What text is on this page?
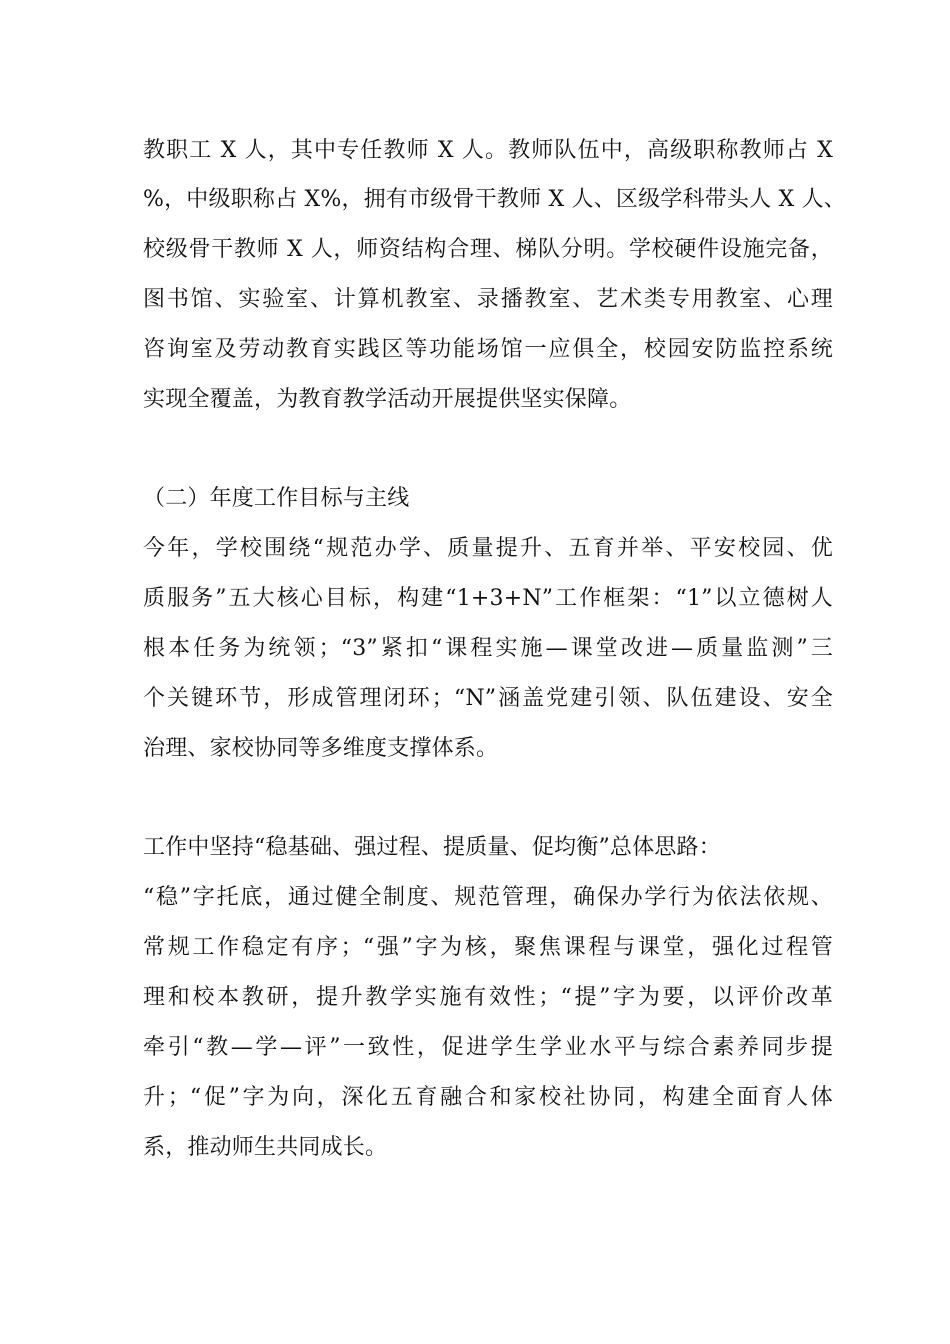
教职工 X 人，其中专任教师 X 人。教师队伍中，高级职称教师占 X
%，中级职称占 X%，拥有市级骨干教师 X 人、区级学科带头人 X 人、
校级骨干教师 X 人，师资结构合理、梯队分明。学校硬件设施完备，
图书馆、实验室、计算机教室、录播教室、艺术类专用教室、心理
咨询室及劳动教育实践区等功能场馆一应俱全，校园安防监控系统
实现全覆盖，为教育教学活动开展提供坚实保障。
（二）年度工作目标与主线
今年，学校围绕“规范办学、质量提升、五育并举、平安校园、优
质服务”五大核心目标，构建“1+3+N”工作框架：“1”以立德树人
根本任务为统领；“3”紧扣“课程实施—课堂改进—质量监测”三
个关键环节，形成管理闭环；“N”涵盖党建引领、队伍建设、安全
治理、家校协同等多维度支撑体系。
工作中坚持“稳基础、强过程、提质量、促均衡”总体思路：
“稳”字托底，通过健全制度、规范管理，确保办学行为依法依规、
常规工作稳定有序；“强”字为核，聚焦课程与课堂，强化过程管
理和校本教研，提升教学实施有效性；“提”字为要，以评价改革
牵引“教—学—评”一致性，促进学生学业水平与综合素养同步提
升；“促”字为向，深化五育融合和家校社协同，构建全面育人体
系，推动师生共同成长。
